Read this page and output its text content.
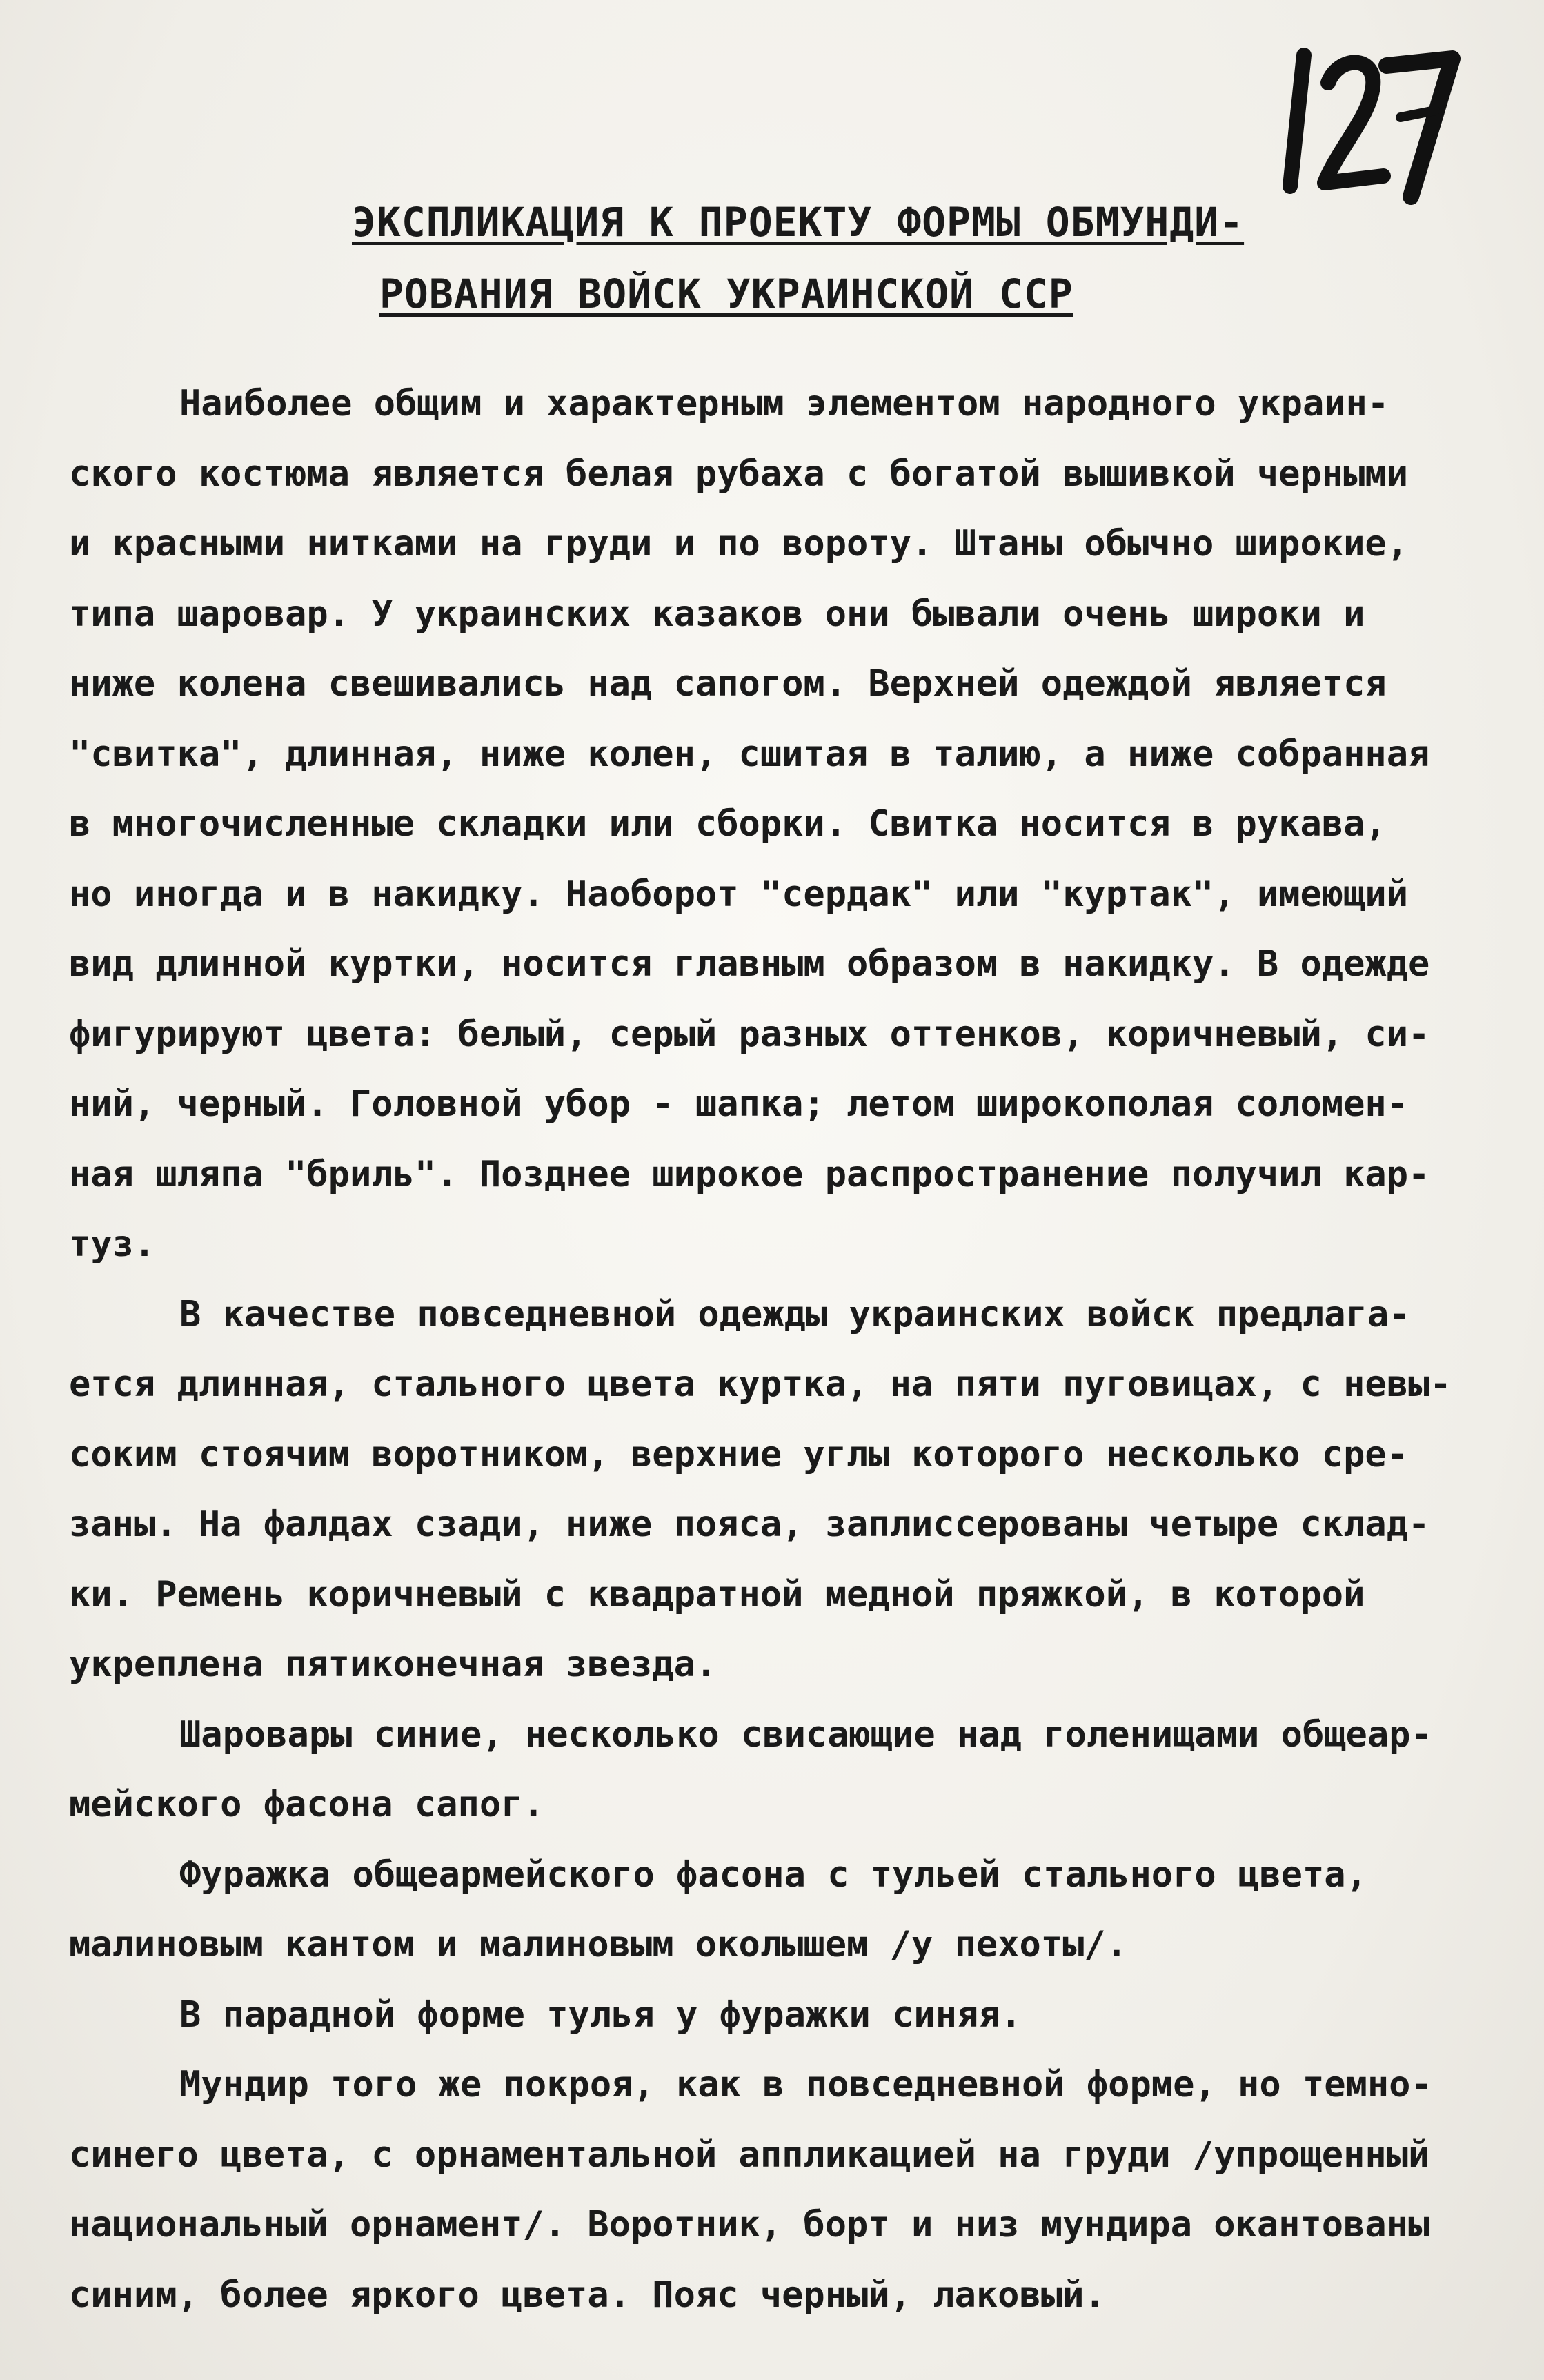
ЭКСПЛИКАЦИЯ К ПРОЕКТУ ФОРМЫ ОБМУНДИ-
РОВАНИЯ ВОЙСК УКРАИНСКОЙ ССР
Наиболее общим и характерным элементом народного украин-
ского костюма является белая рубаха с богатой вышивкой черными
и красными нитками на груди и по вороту. Штаны обычно широкие,
типа шаровар. У украинских казаков они бывали очень широки и
ниже колена свешивались над сапогом. Верхней одеждой является
"свитка", длинная, ниже колен, сшитая в талию, а ниже собранная
в многочисленные складки или сборки. Свитка носится в рукава,
но иногда и в накидку. Наоборот "сердак" или "куртак", имеющий
вид длинной куртки, носится главным образом в накидку. В одежде
фигурируют цвета: белый, серый разных оттенков, коричневый, си-
ний, черный. Головной убор - шапка; летом широкополая соломен-
ная шляпа "бриль". Позднее широкое распространение получил кар-
туз.
В качестве повседневной одежды украинских войск предлага-
ется длинная, стального цвета куртка, на пяти пуговицах, с невы-
соким стоячим воротником, верхние углы которого несколько сре-
заны. На фалдах сзади, ниже пояса, заплиссерованы четыре склад-
ки. Ремень коричневый с квадратной медной пряжкой, в которой
укреплена пятиконечная звезда.
Шаровары синие, несколько свисающие над голенищами общеар-
мейского фасона сапог.
Фуражка общеармейского фасона с тульей стального цвета,
малиновым кантом и малиновым околышем /у пехоты/.
В парадной форме тулья у фуражки синяя.
Мундир того же покроя, как в повседневной форме, но темно-
синего цвета, с орнаментальной аппликацией на груди /упрощенный
национальный орнамент/. Воротник, борт и низ мундира окантованы
синим, более яркого цвета. Пояс черный, лаковый.
